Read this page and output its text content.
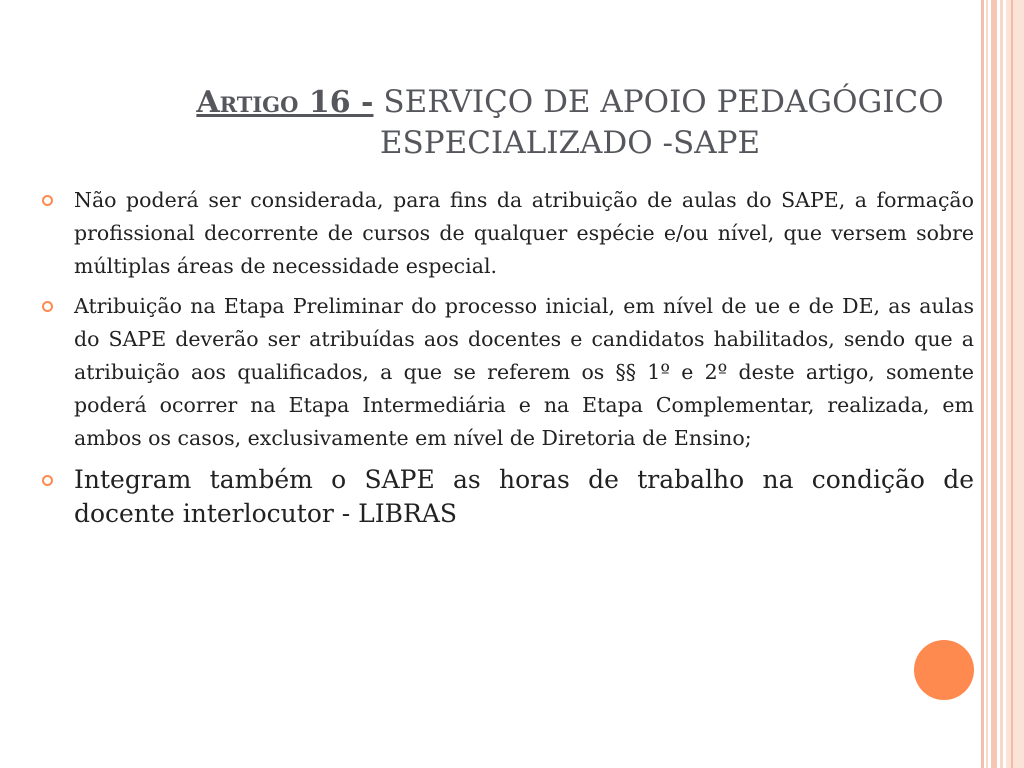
Artigo 16 - SERVIÇO DE APOIO PEDAGÓGICO ESPECIALIZADO -SAPE
Não poderá ser considerada, para fins da atribuição de aulas do SAPE, a formação profissional decorrente de cursos de qualquer espécie e/ou nível, que versem sobre múltiplas áreas de necessidade especial.
Atribuição na Etapa Preliminar do processo inicial, em nível de ue e de DE, as aulas do SAPE deverão ser atribuídas aos docentes e candidatos habilitados, sendo que a atribuição aos qualificados, a que se referem os §§ 1º e 2º deste artigo, somente poderá ocorrer na Etapa Intermediária e na Etapa Complementar, realizada, em ambos os casos, exclusivamente em nível de Diretoria de Ensino;
Integram também o SAPE as horas de trabalho na condição de docente interlocutor - LIBRAS
